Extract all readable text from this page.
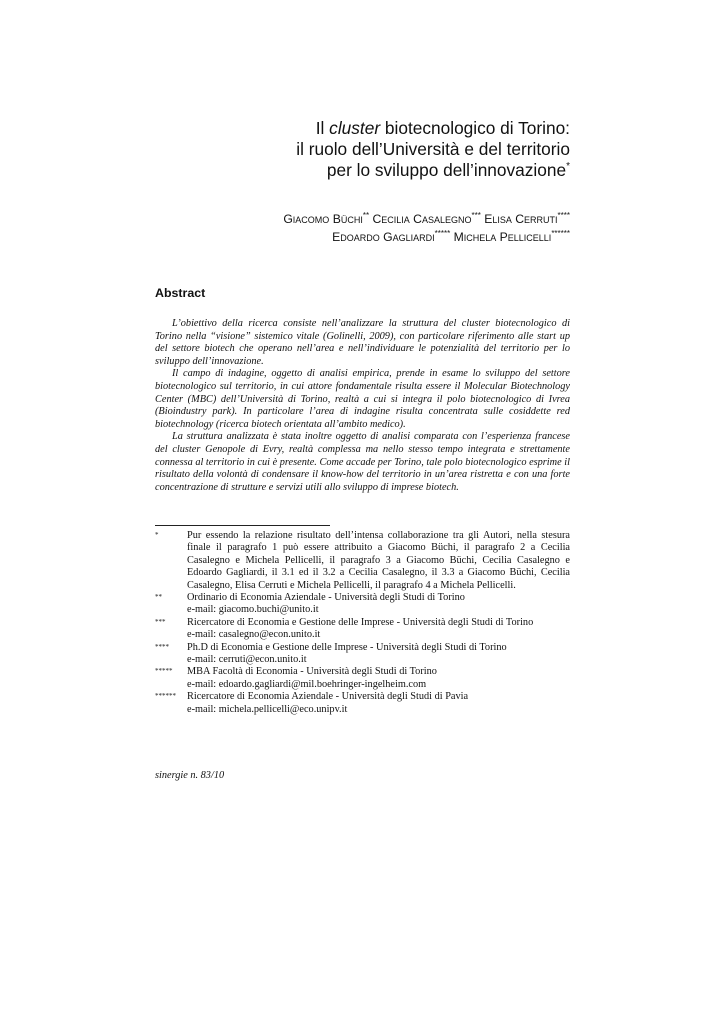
Il cluster biotecnologico di Torino:
il ruolo dell’Università e del territorio
per lo sviluppo dell’innovazione*
Giacomo Büchi** Cecilia Casalegno*** Elisa Cerruti****
Edoardo Gagliardi***** Michela Pellicelli******
Abstract

L’obiettivo della ricerca consiste nell’analizzare la struttura del cluster biotecnologico di Torino nella “visione” sistemico vitale (Golinelli, 2009), con particolare riferimento alle start up del settore biotech che operano nell’area e nell’individuare le potenzialità del territorio per lo sviluppo dell’innovazione.

Il campo di indagine, oggetto di analisi empirica, prende in esame lo sviluppo del settore biotecnologico sul territorio, in cui attore fondamentale risulta essere il Molecular Biotechnology Center (MBC) dell’Università di Torino, realtà a cui si integra il polo biotecnologico di Ivrea (Bioindustry park). In particolare l’area di indagine risulta concentrata sulle cosiddette red biotechnology (ricerca biotech orientata all’ambito medico).

La struttura analizzata è stata inoltre oggetto di analisi comparata con l’esperienza francese del cluster Genopole di Evry, realtà complessa ma nello stesso tempo integrata e strettamente connessa al territorio in cui è presente. Come accade per Torino, tale polo biotecnologico esprime il risultato della volontà di condensare il know-how del territorio in un’area ristretta e con una forte concentrazione di strutture e servizi utili allo sviluppo di imprese biotech.

*	Pur essendo la relazione risultato dell’intensa collaborazione tra gli Autori, nella stesura finale il paragrafo 1 può essere attribuito a Giacomo Büchi, il paragrafo 2 a Cecilia Casalegno e Michela Pellicelli, il paragrafo 3 a Giacomo Büchi, Cecilia Casalegno e Edoardo Gagliardi, il 3.1 ed il 3.2 a Cecilia Casalegno, il 3.3 a Giacomo Büchi, Cecilia Casalegno, Elisa Cerruti e Michela Pellicelli, il paragrafo 4 a Michela Pellicelli.
**	Ordinario di Economia Aziendale - Università degli Studi di Torino
e-mail: giacomo.buchi@unito.it
***	Ricercatore di Economia e Gestione delle Imprese - Università degli Studi di Torino
e-mail: casalegno@econ.unito.it
****	Ph.D di Economia e Gestione delle Imprese - Università degli Studi di Torino
e-mail: cerruti@econ.unito.it
*****	MBA Facoltà di Economia - Università degli Studi di Torino
e-mail: edoardo.gagliardi@mil.boehringer-ingelheim.com
******	Ricercatore di Economia Aziendale - Università degli Studi di Pavia
e-mail: michela.pellicelli@eco.unipv.it
sinergie n. 83/10
